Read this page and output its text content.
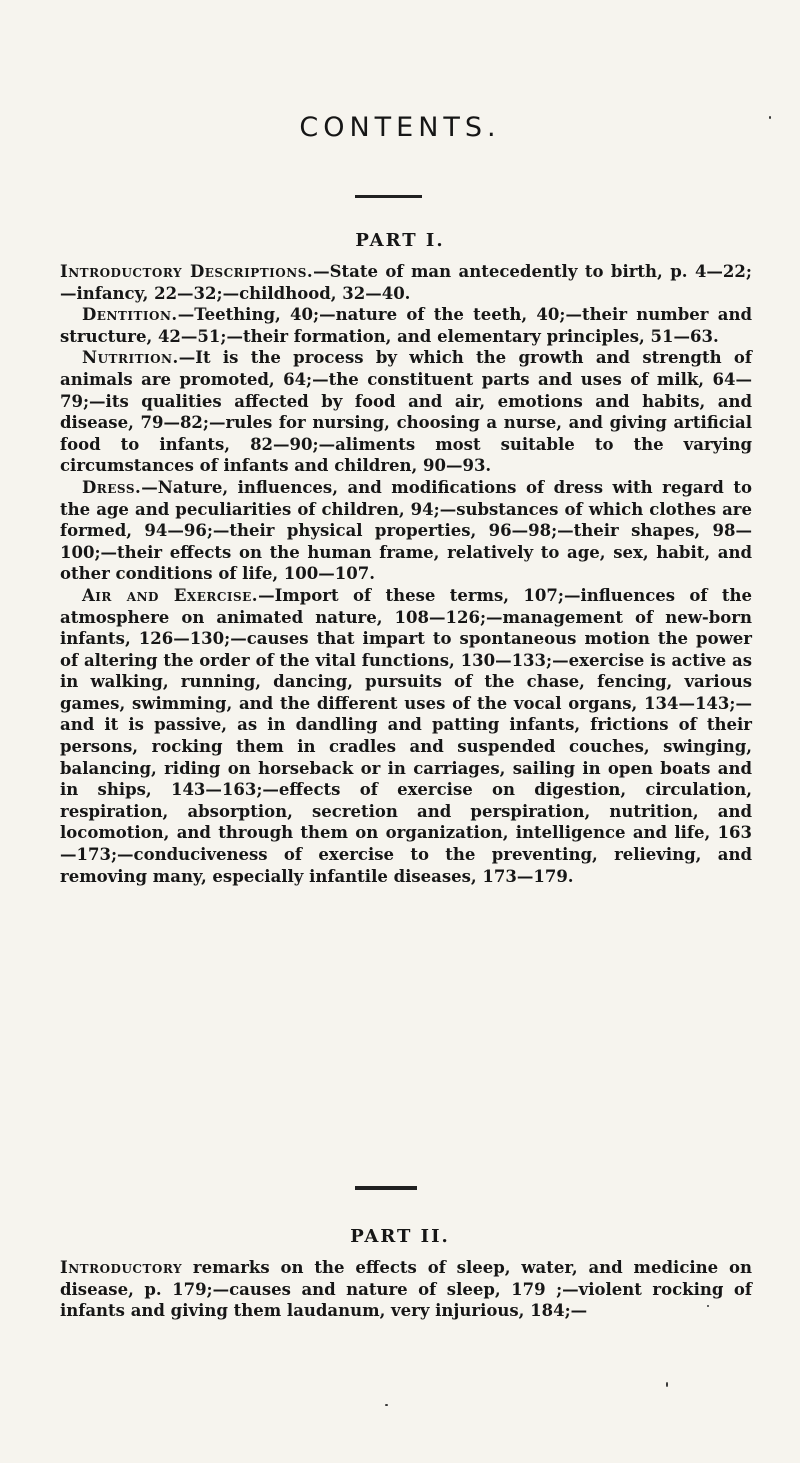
CONTENTS.
PART I.

Introductory Descriptions.—State of man antecedently to birth, p. 4—22;—infancy, 22—32;—childhood, 32—40.

Dentition.—Teething, 40;—nature of the teeth, 40;—their number and structure, 42—51;—their formation, and elementary principles, 51—63.

Nutrition.—It is the process by which the growth and strength of animals are promoted, 64;—the constituent parts and uses of milk, 64—79;—its qualities affected by food and air, emotions and habits, and disease, 79—82;—rules for nursing, choosing a nurse, and giving artificial food to infants, 82—90;—aliments most suitable to the varying circumstances of infants and children, 90—93.

Dress.—Nature, influences, and modifications of dress with regard to the age and peculiarities of children, 94;—substances of which clothes are formed, 94—96;—their physical properties, 96—98;—their shapes, 98—100;—their effects on the human frame, relatively to age, sex, habit, and other conditions of life, 100—107.

Air and Exercise.—Import of these terms, 107;—influences of the atmosphere on animated nature, 108—126;—management of new-born infants, 126—130;—causes that impart to spontaneous motion the power of altering the order of the vital functions, 130—133;—exercise is active as in walking, running, dancing, pursuits of the chase, fencing, various games, swimming, and the different uses of the vocal organs, 134—143;—and it is passive, as in dandling and patting infants, frictions of their persons, rocking them in cradles and suspended couches, swinging, balancing, riding on horseback or in carriages, sailing in open boats and in ships, 143—163;—effects of exercise on digestion, circulation, respiration, absorption, secretion and perspiration, nutrition, and locomotion, and through them on organization, intelligence and life, 163—173;—conduciveness of exercise to the preventing, relieving, and removing many, especially infantile diseases, 173—179.

PART II.

Introductory remarks on the effects of sleep, water, and medicine on disease, p. 179;—causes and nature of sleep, 179 ;—violent rocking of infants and giving them laudanum, very injurious, 184;—
